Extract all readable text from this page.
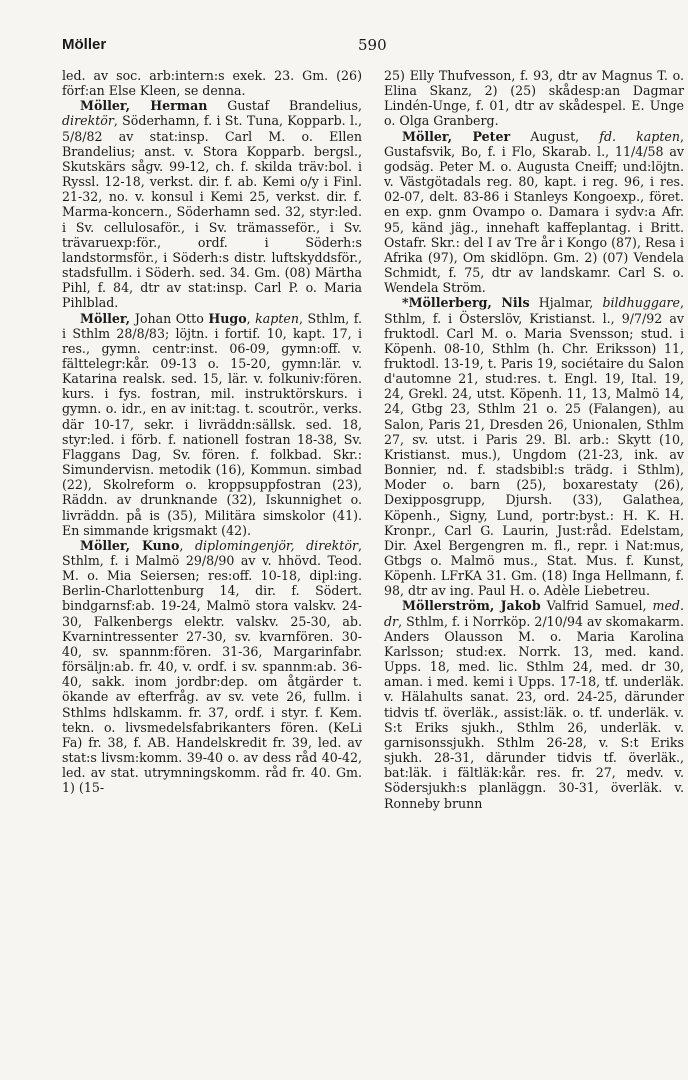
Möller	590

led. av soc. arb:intern:s exek. 23. Gm. (26) förf:an Else Kleen, se denna.

Möller, Herman Gustaf Brandelius, direktör, Söderhamn, f. i St. Tuna, Kopparb. l., 5/8/82 av stat:insp. Carl M. o. Ellen Brandelius; anst. v. Stora Kopparb. bergsl., Skutskärs sågv. 99-12, ch. f. skilda träv:bol. i Ryssl. 12-18, verkst. dir. f. ab. Kemi o/y i Finl. 21-32, no. v. konsul i Kemi 25, verkst. dir. f. Marma-koncern., Söderhamn sed. 32, styr:led. i Sv. cellulosaför., i Sv. trämasseför., i Sv. trävaruexp:för., ordf. i Söderh:s landstormsför., i Söderh:s distr. luftskyddsför., stadsfullm. i Söderh. sed. 34. Gm. (08) Märtha Pihl, f. 84, dtr av stat:insp. Carl P. o. Maria Pihlblad.

Möller, Johan Otto Hugo, kapten, Sthlm, f. i Sthlm 28/8/83; löjtn. i fortif. 10, kapt. 17, i res., gymn. centr:inst. 06-09, gymn:off. v. fälttelegr:kår. 09-13 o. 15-20, gymn:lär. v. Katarina realsk. sed. 15, lär. v. folkuniv:fören. kurs. i fys. fostran, mil. instruktörskurs. i gymn. o. idr., en av init:tag. t. scoutrör., verks. där 10-17, sekr. i livräddn:sällsk. sed. 18, styr:led. i förb. f. nationell fostran 18-38, Sv. Flaggans Dag, Sv. fören. f. folkbad. Skr.: Simundervisn. metodik (16), Kommun. simbad (22), Skolreform o. kroppsuppfostran (23), Räddn. av drunknande (32), Iskunnighet o. livräddn. på is (35), Militära simskolor (41). En simmande krigsmakt (42).

Möller, Kuno, diplomingenjör, direktör, Sthlm, f. i Malmö 29/8/90 av v. hhövd. Teod. M. o. Mia Seiersen; res:off. 10-18, dipl:ing. Berlin-Charlottenburg 14, dir. f. Södert. bindgarnsf:ab. 19-24, Malmö stora valskv. 24-30, Falkenbergs elektr. valskv. 25-30, ab. Kvarnintressenter 27-30, sv. kvarnfören. 30-40, sv. spannm:fören. 31-36, Margarinfabr. försäljn:ab. fr. 40, v. ordf. i sv. spannm:ab. 36-40, sakk. inom jordbr:dep. om åtgärder t. ökande av efterfråg. av sv. vete 26, fullm. i Sthlms hdlskamm. fr. 37, ordf. i styr. f. Kem. tekn. o. livsmedelsfabrikanters fören. (KeLi Fa) fr. 38, f. AB. Handelskredit fr. 39, led. av stat:s livsm:komm. 39-40 o. av dess råd 40-42, led. av stat. utrymningskomm. råd fr. 40. Gm. 1) (15-

25) Elly Thufvesson, f. 93, dtr av Magnus T. o. Elina Skanz, 2) (25) skådesp:an Dagmar Lindén-Unge, f. 01, dtr av skådespel. E. Unge o. Olga Granberg.

Möller, Peter August, fd. kapten, Gustafsvik, Bo, f. i Flo, Skarab. l., 11/4/58 av godsäg. Peter M. o. Augusta Cneiff; und:löjtn. v. Västgötadals reg. 80, kapt. i reg. 96, i res. 02-07, delt. 83-86 i Stanleys Kongoexp., föret. en exp. gnm Ovampo o. Damara i sydv:a Afr. 95, känd jäg., innehaft kaffeplantag. i Britt. Ostafr. Skr.: del I av Tre år i Kongo (87), Resa i Afrika (97), Om skidlöpn. Gm. 2) (07) Vendela Schmidt, f. 75, dtr av landskamr. Carl S. o. Wendela Ström.

*Möllerberg, Nils Hjalmar, bildhuggare, Sthlm, f. i Österslöv, Kristianst. l., 9/7/92 av fruktodl. Carl M. o. Maria Svensson; stud. i Köpenh. 08-10, Sthlm (h. Chr. Eriksson) 11, fruktodl. 13-19, t. Paris 19, sociétaire du Salon d'automne 21, stud:res. t. Engl. 19, Ital. 19, 24, Grekl. 24, utst. Köpenh. 11, 13, Malmö 14, 24, Gtbg 23, Sthlm 21 o. 25 (Falangen), au Salon, Paris 21, Dresden 26, Unionalen, Sthlm 27, sv. utst. i Paris 29. Bl. arb.: Skytt (10, Kristianst. mus.), Ungdom (21-23, ink. av Bonnier, nd. f. stadsbibl:s trädg. i Sthlm), Moder o. barn (25), boxarestaty (26), Dexipposgrupp, Djursh. (33), Galathea, Köpenh., Signy, Lund, portr:byst.: H. K. H. Kronpr., Carl G. Laurin, Just:råd. Edelstam, Dir. Axel Bergengren m. fl., repr. i Nat:mus, Gtbgs o. Malmö mus., Stat. Mus. f. Kunst, Köpenh. LFrKA 31. Gm. (18) Inga Hellmann, f. 98, dtr av ing. Paul H. o. Adèle Liebetreu.

Möllerström, Jakob Valfrid Samuel, med. dr, Sthlm, f. i Norrköp. 2/10/94 av skomakarm. Anders Olausson M. o. Maria Karolina Karlsson; stud:ex. Norrk. 13, med. kand. Upps. 18, med. lic. Sthlm 24, med. dr 30, aman. i med. kemi i Upps. 17-18, tf. underläk. v. Hälahults sanat. 23, ord. 24-25, därunder tidvis tf. överläk., assist:läk. o. tf. underläk. v. S:t Eriks sjukh., Sthlm 26, underläk. v. garnisonssjukh. Sthlm 26-28, v. S:t Eriks sjukh. 28-31, därunder tidvis tf. överläk., bat:läk. i fältläk:kår. res. fr. 27, medv. v. Södersjukh:s planläggn. 30-31, överläk. v. Ronneby brunn
